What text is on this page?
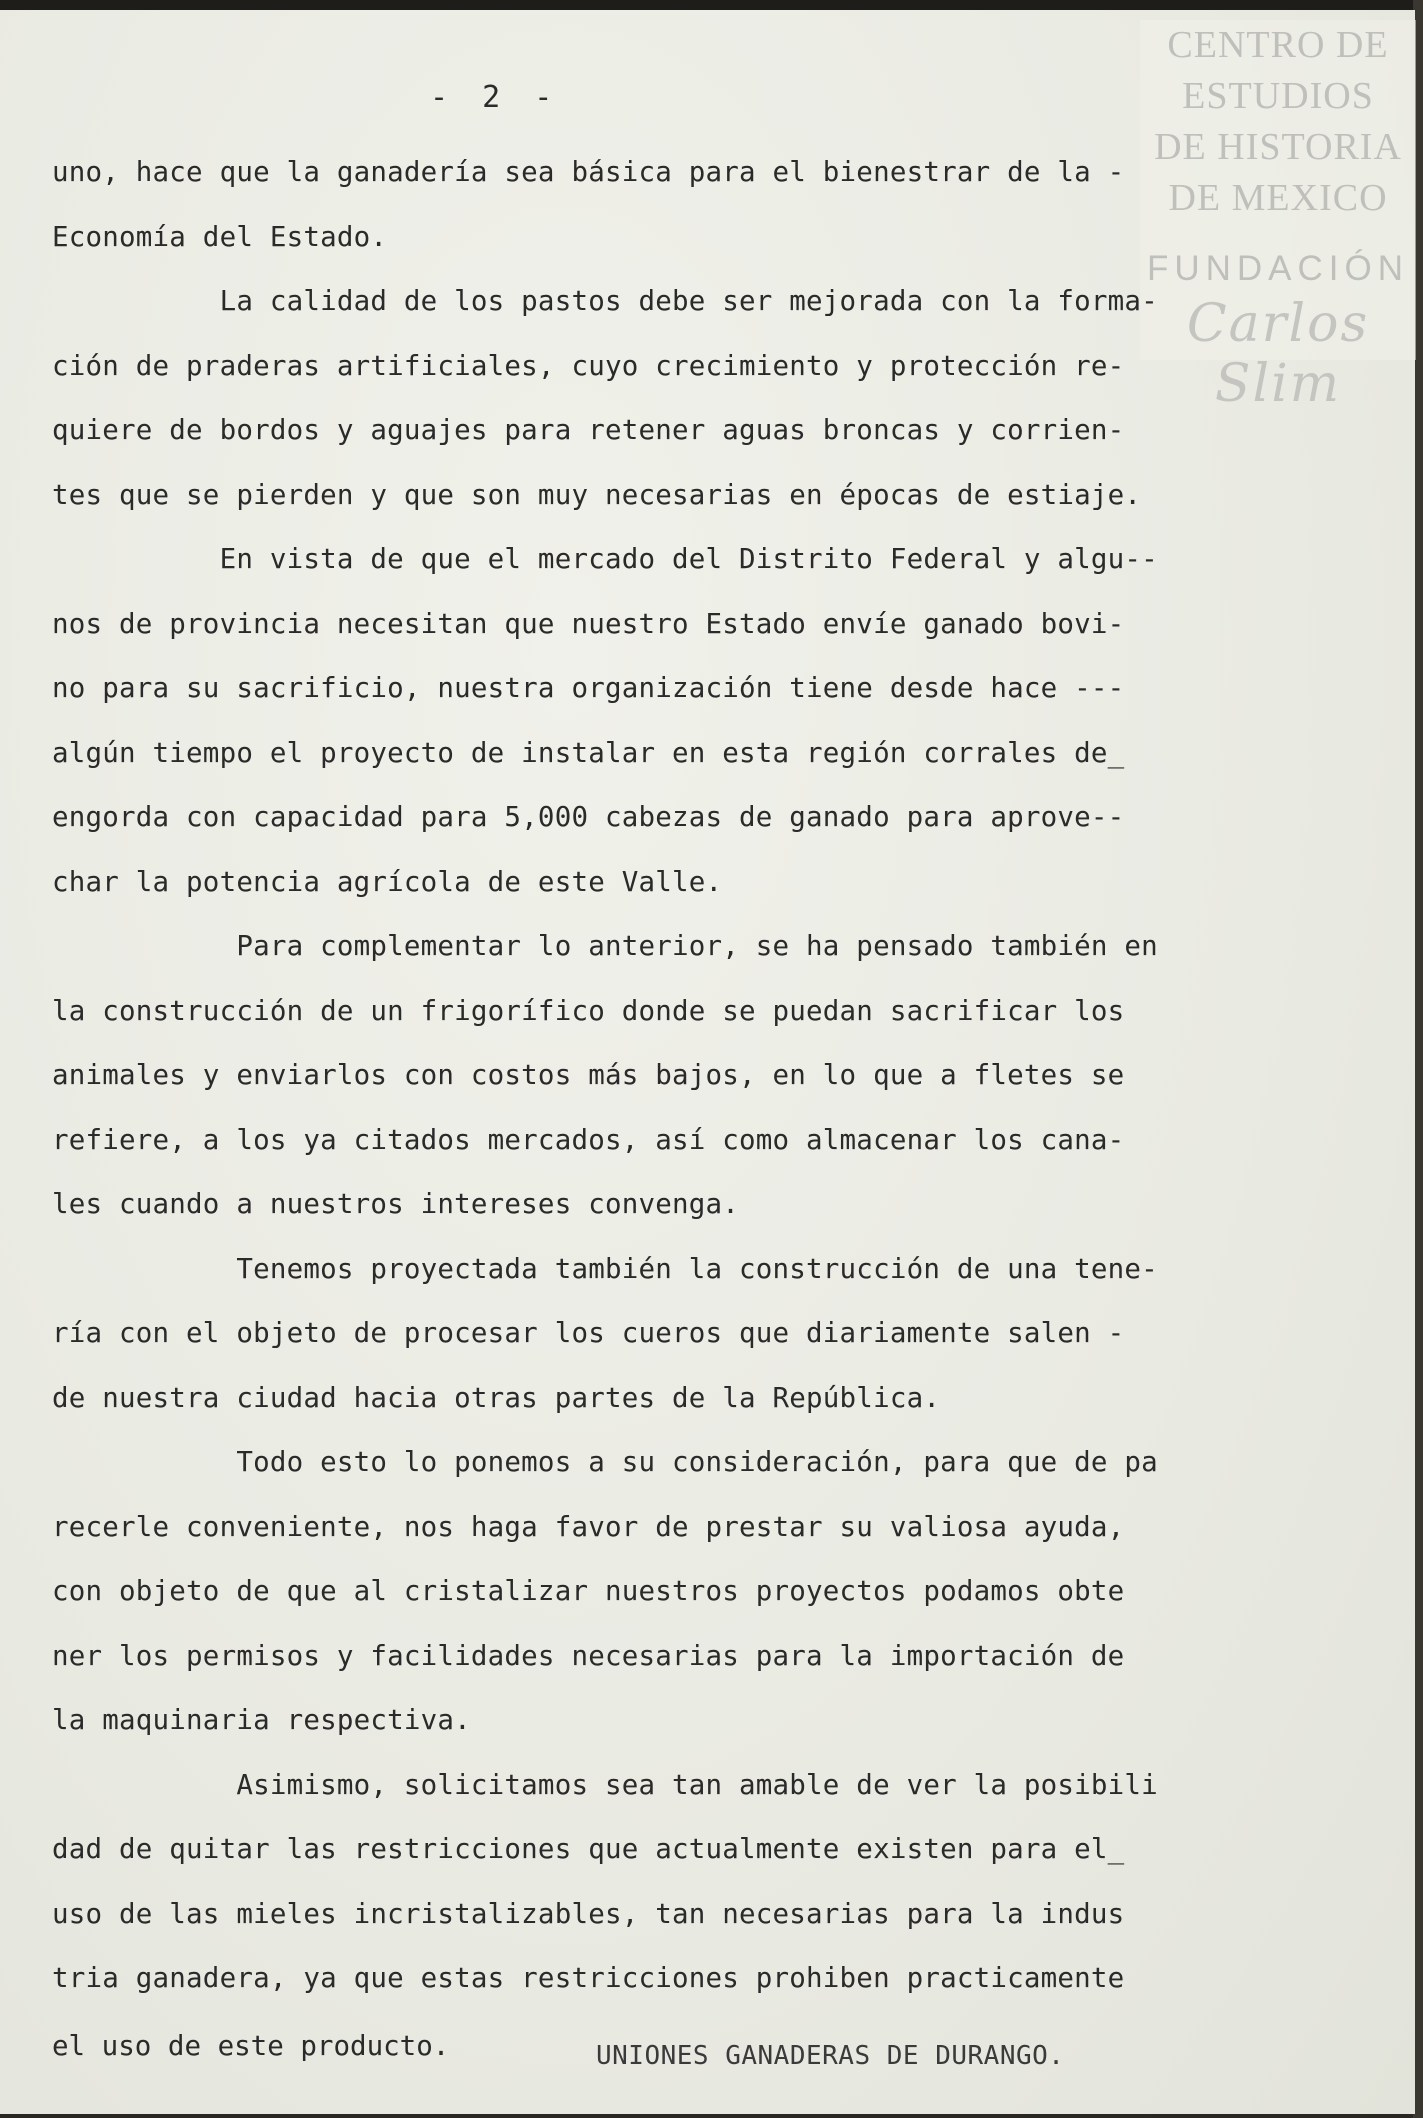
CENTRO DE
ESTUDIOS
DE HISTORIA
DE MEXICO
FUNDACIÓN
Carlos Slim
- 2 -
uno, hace que la ganadería sea básica para el bienestrar de la -
Economía del Estado.
La calidad de los pastos debe ser mejorada con la forma-
ción de praderas artificiales, cuyo crecimiento y protección re-
quiere de bordos y aguajes para retener aguas broncas y corrien-
tes que se pierden y que son muy necesarias en épocas de estiaje.
En vista de que el mercado del Distrito Federal y algu--
nos de provincia necesitan que nuestro Estado envíe ganado bovi-
no para su sacrificio, nuestra organización tiene desde hace ---
algún tiempo el proyecto de instalar en esta región corrales de_
engorda con capacidad para 5,000 cabezas de ganado para aprove--
char la potencia agrícola de este Valle.
Para complementar lo anterior, se ha pensado también en
la construcción de un frigorífico donde se puedan sacrificar los
animales y enviarlos con costos más bajos, en lo que a fletes se
refiere, a los ya citados mercados, así como almacenar los cana-
les cuando a nuestros intereses convenga.
Tenemos proyectada también la construcción de una tene-
ría con el objeto de procesar los cueros que diariamente salen -
de nuestra ciudad hacia otras partes de la República.
Todo esto lo ponemos a su consideración, para que de pa
recerle conveniente, nos haga favor de prestar su valiosa ayuda,
con objeto de que al cristalizar nuestros proyectos podamos obte
ner los permisos y facilidades necesarias para la importación de
la maquinaria respectiva.
Asimismo, solicitamos sea tan amable de ver la posibili
dad de quitar las restricciones que actualmente existen para el_
uso de las mieles incristalizables, tan necesarias para la indus
tria ganadera, ya que estas restricciones prohiben practicamente
el uso de este producto.	UNIONES GANADERAS DE DURANGO.
